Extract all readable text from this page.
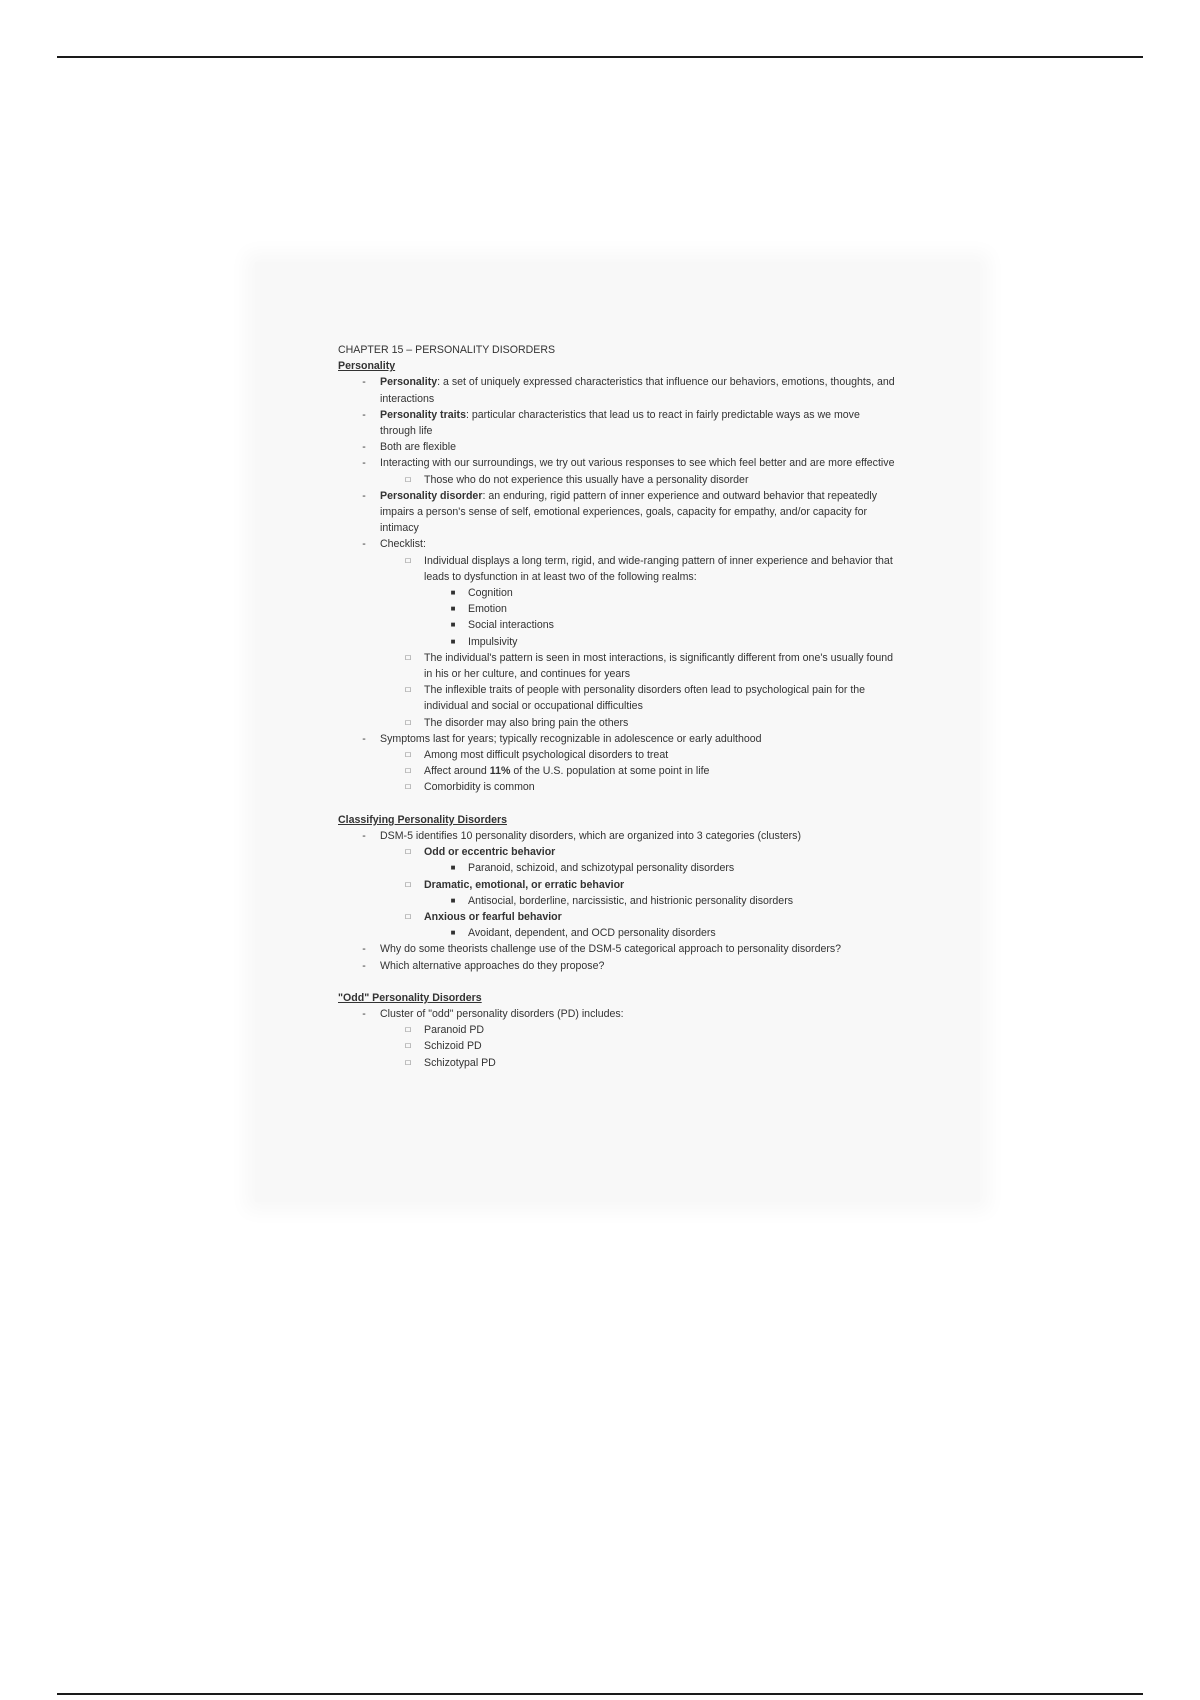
CHAPTER 15 – PERSONALITY DISORDERS

Personality

-	Personality: a set of uniquely expressed characteristics that influence our behaviors, emotions, thoughts, and interactions
-	Personality traits: particular characteristics that lead us to react in fairly predictable ways as we move through life
-	Both are flexible
-	Interacting with our surroundings, we try out various responses to see which feel better and are more effective
□	Those who do not experience this usually have a personality disorder
-	Personality disorder: an enduring, rigid pattern of inner experience and outward behavior that repeatedly impairs a person's sense of self, emotional experiences, goals, capacity for empathy, and/or capacity for intimacy
-	Checklist:
□	Individual displays a long term, rigid, and wide-ranging pattern of inner experience and behavior that leads to dysfunction in at least two of the following realms:
■	Cognition
■	Emotion
■	Social interactions
■	Impulsivity
□	The individual's pattern is seen in most interactions, is significantly different from one's usually found in his or her culture, and continues for years
□	The inflexible traits of people with personality disorders often lead to psychological pain for the individual and social or occupational difficulties
□	The disorder may also bring pain the others
-	Symptoms last for years; typically recognizable in adolescence or early adulthood
□	Among most difficult psychological disorders to treat
□	Affect around 11% of the U.S. population at some point in life
□	Comorbidity is common

Classifying Personality Disorders

-	DSM-5 identifies 10 personality disorders, which are organized into 3 categories (clusters)
□	Odd or eccentric behavior
■	Paranoid, schizoid, and schizotypal personality disorders
□	Dramatic, emotional, or erratic behavior
■	Antisocial, borderline, narcissistic, and histrionic personality disorders
□	Anxious or fearful behavior
■	Avoidant, dependent, and OCD personality disorders
-	Why do some theorists challenge use of the DSM-5 categorical approach to personality disorders?
-	Which alternative approaches do they propose?

"Odd" Personality Disorders

-	Cluster of "odd" personality disorders (PD) includes:
□	Paranoid PD
□	Schizoid PD
□	Schizotypal PD
